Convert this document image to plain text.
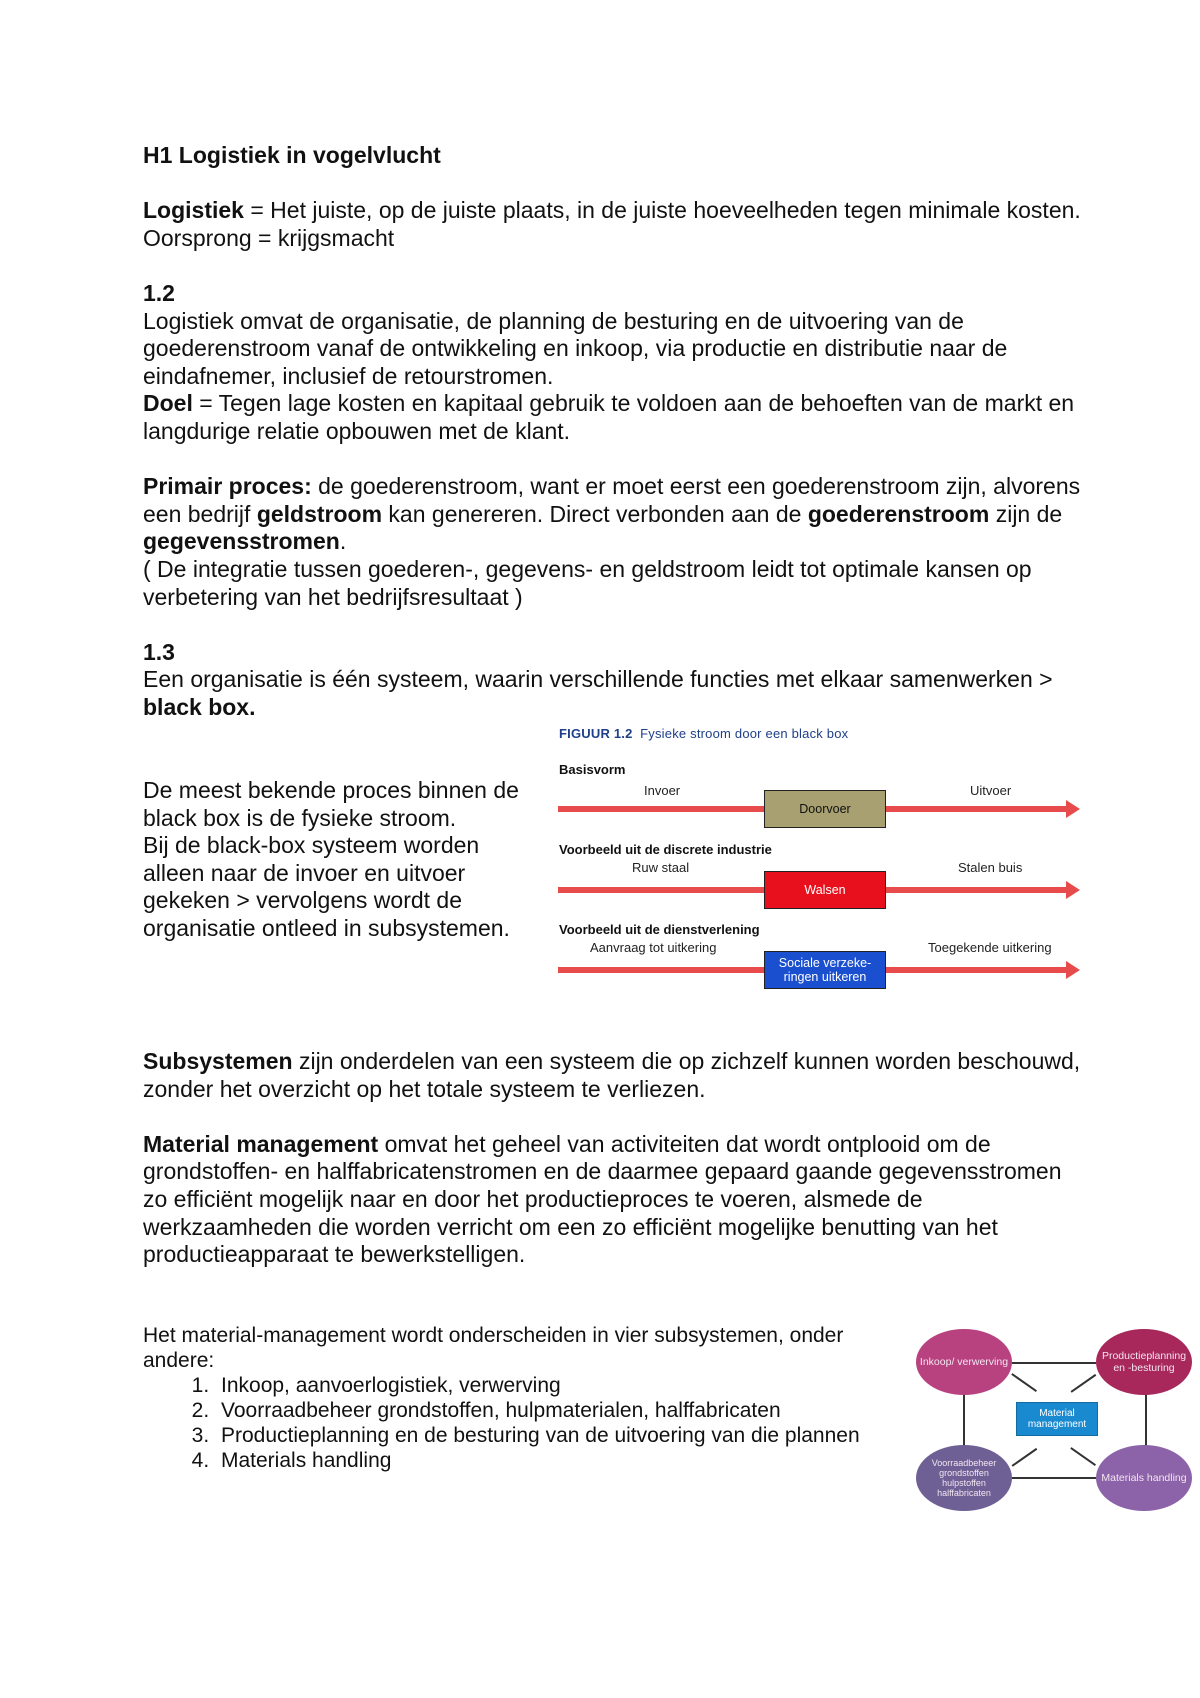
H1 Logistiek in vogelvlucht

Logistiek = Het juiste, op de juiste plaats, in de juiste hoeveelheden tegen minimale kosten.

Oorsprong = krijgsmacht

1.2

Logistiek omvat de organisatie, de planning de besturing en de uitvoering van de goederenstroom vanaf de ontwikkeling en inkoop, via productie en distributie naar de eindafnemer, inclusief de retourstromen.

Doel = Tegen lage kosten en kapitaal gebruik te voldoen aan de behoeften van de markt en langdurige relatie opbouwen met de klant.

Primair proces: de goederenstroom, want er moet eerst een goederenstroom zijn, alvorens een bedrijf geldstroom kan genereren. Direct verbonden aan de goederenstroom zijn de gegevensstromen.

( De integratie tussen goederen-, gegevens- en geldstroom leidt tot optimale kansen op verbetering van het bedrijfsresultaat )

1.3

Een organisatie is één systeem, waarin verschillende functies met elkaar samenwerken > black box.

De meest bekende proces binnen de black box is de fysieke stroom.

Bij de black-box systeem worden alleen naar de invoer en uitvoer gekeken > vervolgens wordt de organisatie ontleed in subsystemen.

FIGUUR 1.2 Fysieke stroom door een black box
Basisvorm
Invoer	Uitvoer
Doorvoer
Voorbeeld uit de discrete industrie
Ruw staal	Stalen buis
Walsen
Voorbeeld uit de dienstverlening
Aanvraag tot uitkering	Toegekende uitkering
Sociale verzeke-ringen uitkeren

Subsystemen zijn onderdelen van een systeem die op zichzelf kunnen worden beschouwd, zonder het overzicht op het totale systeem te verliezen.

Material management omvat het geheel van activiteiten dat wordt ontplooid om de grondstoffen- en halffabricatenstromen en de daarmee gepaard gaande gegevensstromen zo efficiënt mogelijk naar en door het productieproces te voeren, alsmede de werkzaamheden die worden verricht om een zo efficiënt mogelijke benutting van het productieapparaat te bewerkstelligen.

Het material-management wordt onderscheiden in vier subsystemen, onder andere:

1. Inkoop, aanvoerlogistiek, verwerving
2. Voorraadbeheer grondstoffen, hulpmaterialen, halffabricaten
3. Productieplanning en de besturing van de uitvoering van die plannen
4. Materials handling
Inkoop/ verwerving	Productieplanning en -besturing
Voorraadbeheer grondstoffen hulpstoffen halffabricaten
Materials handling
Material management
